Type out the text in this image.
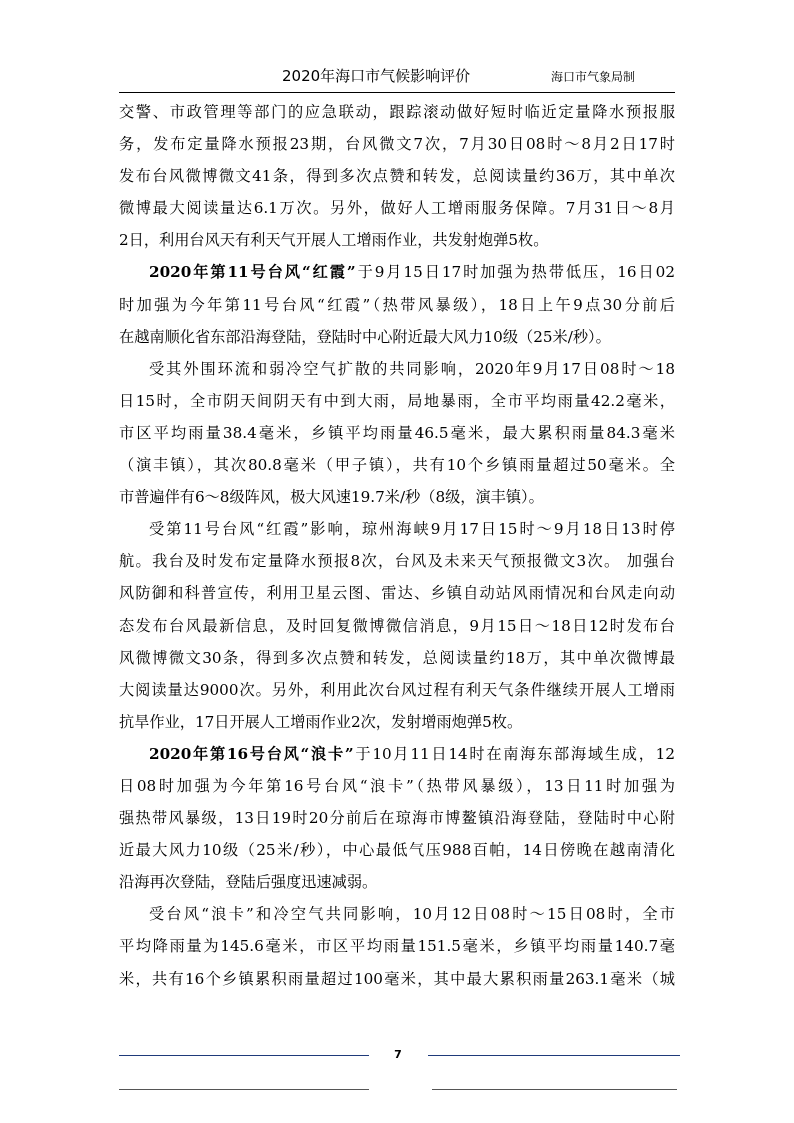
2020年海口市气候影响评价	海口市气象局制
交警、市政管理等部门的应急联动，跟踪滚动做好短时临近定量降水预报服
务，发布定量降水预报23期，台风微文7次，7月30日08时～8月2日17时
发布台风微博微文41条，得到多次点赞和转发，总阅读量约36万，其中单次
微博最大阅读量达6.1万次。另外，做好人工增雨服务保障。7月31日～8月
2日，利用台风天有利天气开展人工增雨作业，共发射炮弹5枚。
2020年第11号台风“红霞”于9月15日17时加强为热带低压，16日02
时加强为今年第11号台风“红霞”（热带风暴级），18日上午9点30分前后
在越南顺化省东部沿海登陆，登陆时中心附近最大风力10级（25米/秒）。
受其外围环流和弱冷空气扩散的共同影响，2020年9月17日08时～18
日15时，全市阴天间阴天有中到大雨，局地暴雨，全市平均雨量42.2毫米，
市区平均雨量38.4毫米，乡镇平均雨量46.5毫米，最大累积雨量84.3毫米
（演丰镇），其次80.8毫米（甲子镇），共有10个乡镇雨量超过50毫米。全
市普遍伴有6～8级阵风，极大风速19.7米/秒（8级，演丰镇）。
受第11号台风“红霞”影响，琼州海峡9月17日15时～9月18日13时停
航。我台及时发布定量降水预报8次，台风及未来天气预报微文3次。 加强台
风防御和科普宣传，利用卫星云图、雷达、乡镇自动站风雨情况和台风走向动
态发布台风最新信息，及时回复微博微信消息，9月15日～18日12时发布台
风微博微文30条，得到多次点赞和转发，总阅读量约18万，其中单次微博最
大阅读量达9000次。另外，利用此次台风过程有利天气条件继续开展人工增雨
抗旱作业，17日开展人工增雨作业2次，发射增雨炮弹5枚。
2020年第16号台风“浪卡”于10月11日14时在南海东部海域生成，12
日08时加强为今年第16号台风“浪卡”（热带风暴级），13日11时加强为
强热带风暴级，13日19时20分前后在琼海市博鳌镇沿海登陆，登陆时中心附
近最大风力10级（25米/秒），中心最低气压988百帕，14日傍晚在越南清化
沿海再次登陆，登陆后强度迅速减弱。
受台风“浪卡”和冷空气共同影响，10月12日08时～15日08时，全市
平均降雨量为145.6毫米，市区平均雨量151.5毫米，乡镇平均雨量140.7毫
米，共有16个乡镇累积雨量超过100毫米，其中最大累积雨量263.1毫米（城
7
